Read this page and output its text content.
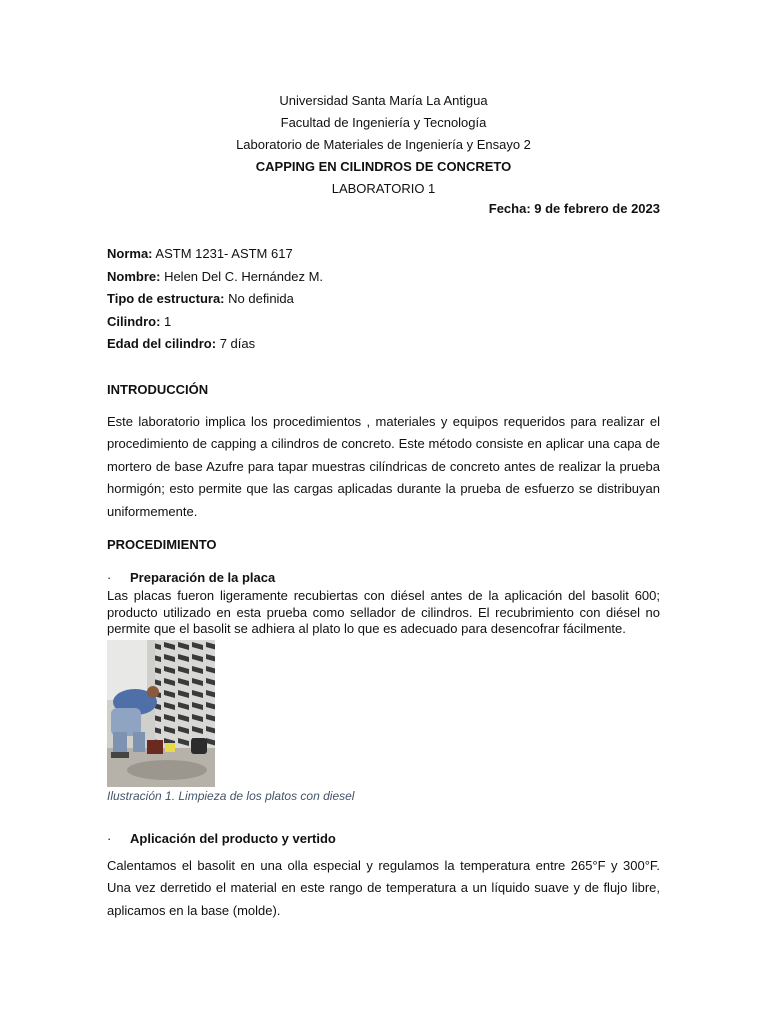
Universidad Santa María La Antigua
Facultad de Ingeniería y Tecnología
Laboratorio de Materiales de Ingeniería y Ensayo 2
CAPPING EN CILINDROS DE CONCRETO
LABORATORIO 1
Fecha: 9 de febrero de 2023
Norma: ASTM 1231- ASTM 617
Nombre: Helen Del C. Hernández M.
Tipo de estructura: No definida
Cilindro: 1
Edad del cilindro: 7 días
INTRODUCCIÓN

Este laboratorio implica los procedimientos , materiales y equipos requeridos para realizar el procedimiento de capping a cilindros de concreto. Este método consiste en aplicar una capa de mortero de base Azufre para tapar muestras cilíndricas de concreto antes de realizar la prueba hormigón; esto permite que las cargas aplicadas durante la prueba de esfuerzo se distribuyan uniformemente.

PROCEDIMIENTO
·	Preparación de la placa

Las placas fueron ligeramente recubiertas con diésel antes de la aplicación del basolit 600; producto utilizado en esta prueba como sellador de cilindros. El recubrimiento con diésel no permite que el basolit se adhiera al plato lo que es adecuado para desencofrar fácilmente.

Ilustración 1. Limpieza de los platos con diesel
·	Aplicación del producto y vertido

Calentamos el basolit en una olla especial y regulamos la temperatura entre 265°F y 300°F. Una vez derretido el material en este rango de temperatura a un líquido suave y de flujo libre, aplicamos en la base (molde).
